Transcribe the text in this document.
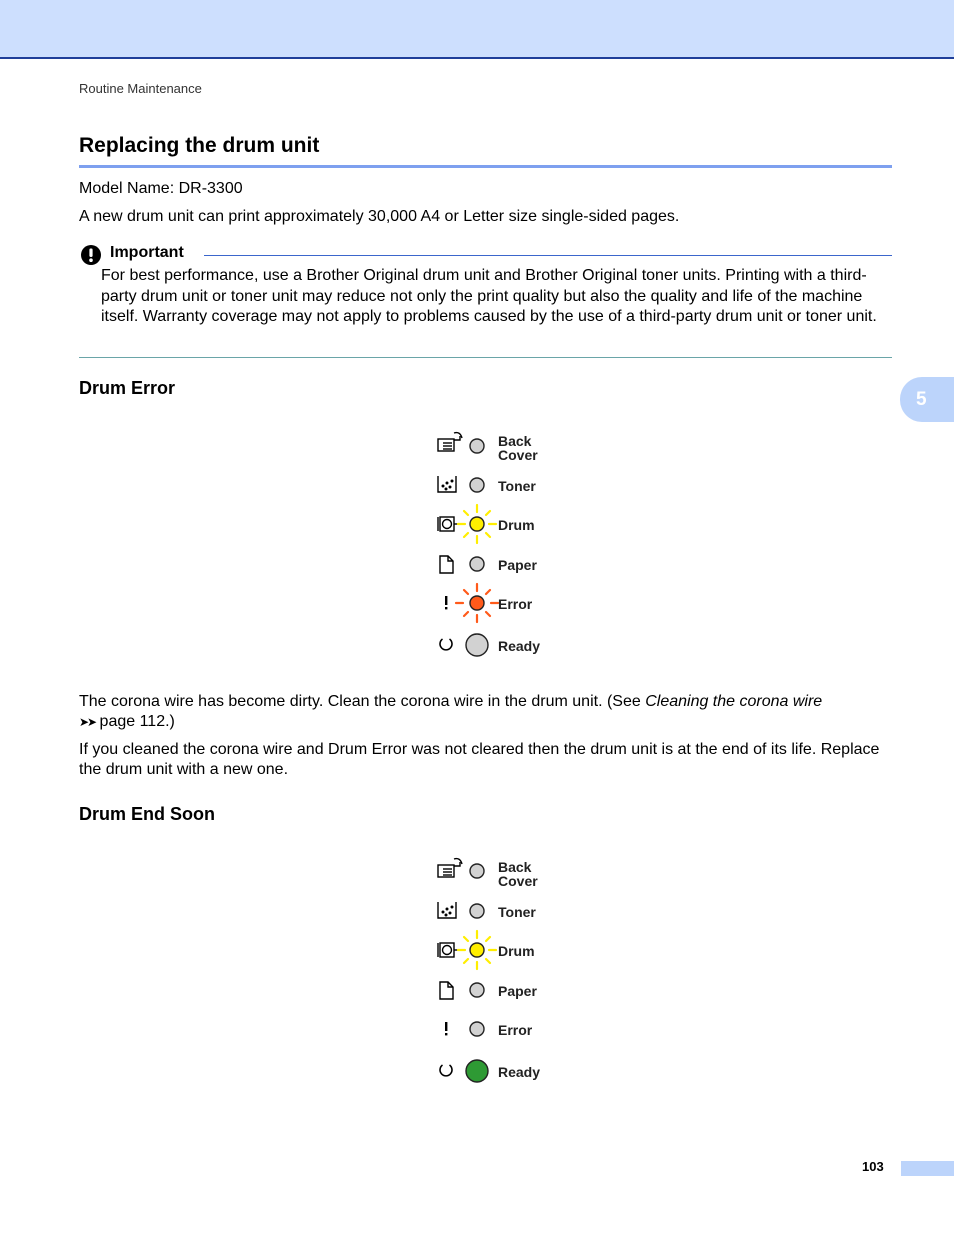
Routine Maintenance
Replacing the drum unit

Model Name: DR-3300

A new drum unit can print approximately 30,000 A4 or Letter size single-sided pages.

Important

For best performance, use a Brother Original drum unit and Brother Original toner units. Printing with a third-party drum unit or toner unit may reduce not only the print quality but also the quality and life of the machine itself. Warranty coverage may not apply to problems caused by the use of a third-party drum unit or toner unit.

5
Drum Error
Back
Cover
Toner
Drum
Paper
Error
Ready

The corona wire has become dirty. Clean the corona wire in the drum unit. (See Cleaning the corona wire
➤➤ page 112.)

If you cleaned the corona wire and Drum Error was not cleared then the drum unit is at the end of its life. Replace the drum unit with a new one.

Drum End Soon
Back
Cover
Toner
Drum
Paper
Error
Ready
103
